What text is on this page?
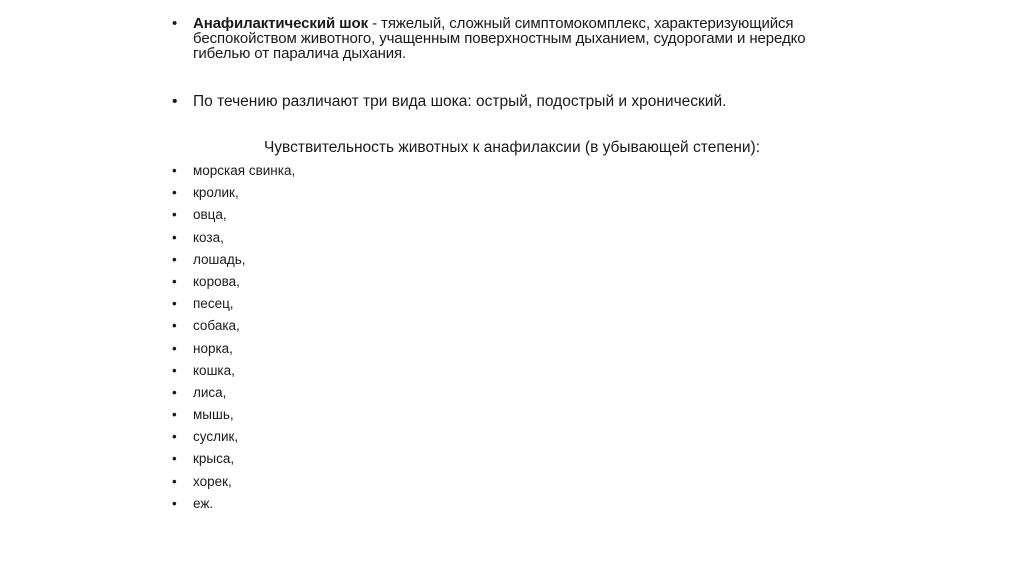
• Анафилактический шок - тяжелый, сложный симптомокомплекс, характеризующийся беспокойством животного, учащенным поверхностным дыханием, судорогами и нередко гибелью от паралича дыхания.
• По течению различают три вида шока: острый, подострый и хронический.
Чувствительность животных к анафилаксии (в убывающей степени):
• морская свинка,
• кролик,
• овца,
• коза,
• лошадь,
• корова,
• песец,
• собака,
• норка,
• кошка,
• лиса,
• мышь,
• суслик,
• крыса,
• хорек,
• еж.
